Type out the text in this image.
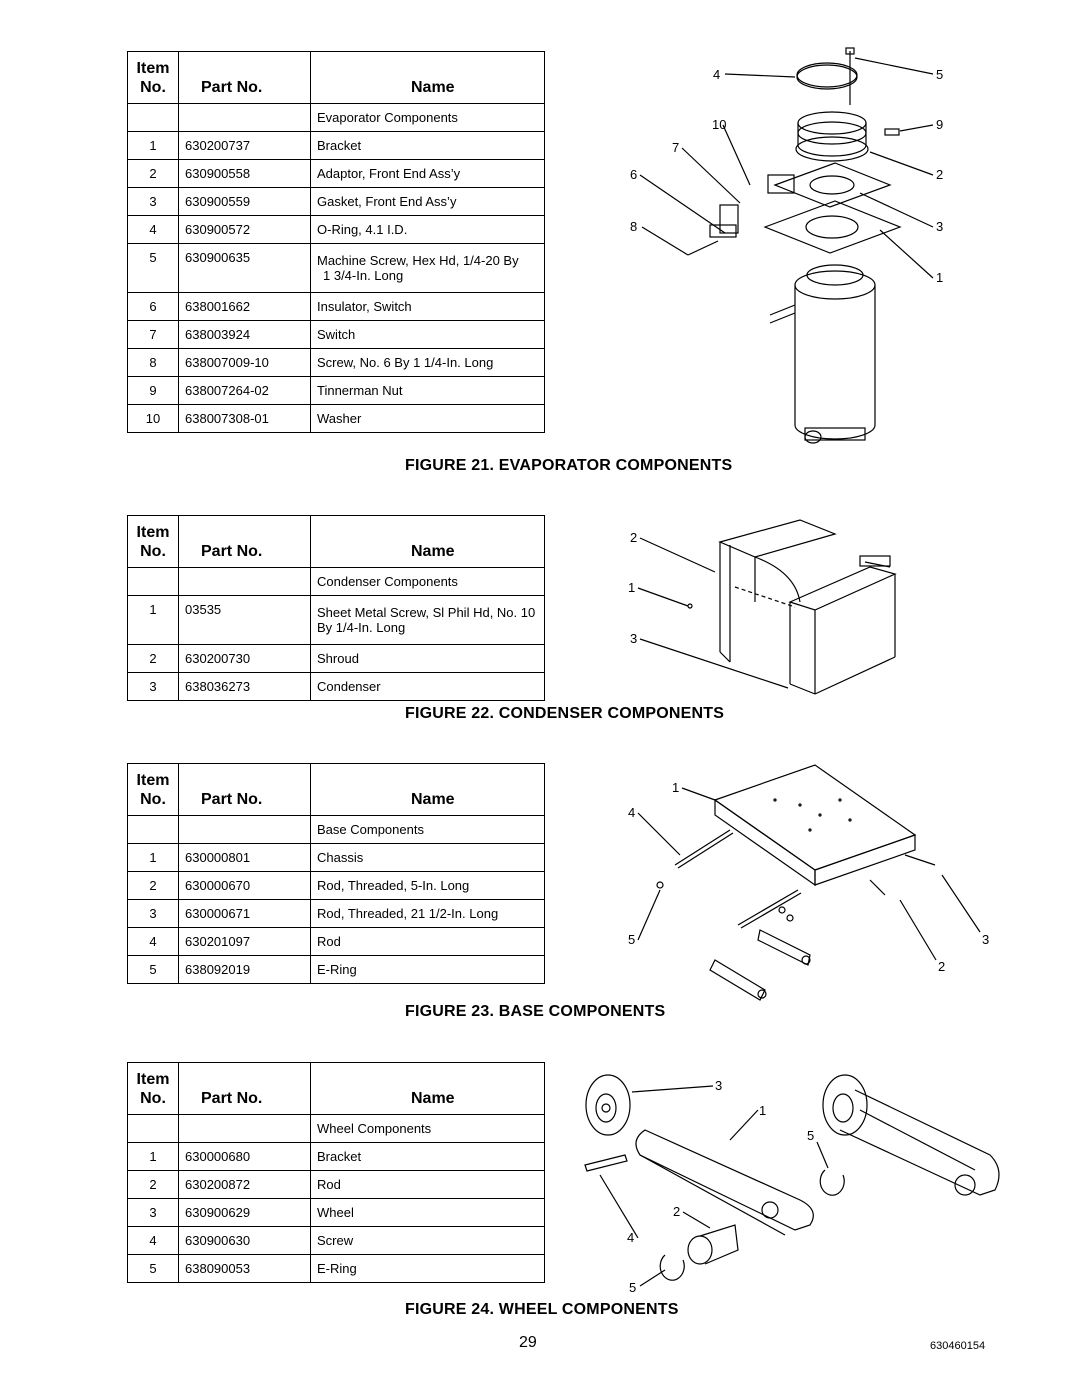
Item
No.	Part No.	Name
		Evaporator Components
1	630200737	Bracket
2	630900558	Adaptor, Front End Ass’y
3	630900559	Gasket, Front End Ass’y
4	630900572	O-Ring, 4.1 I.D.
5	630900635	Machine Screw, Hex Hd, 1/4-20 By
1 3/4-In. Long
6	638001662	Insulator, Switch
7	638003924	Switch
8	638007009-10	Screw, No. 6 By 1 1/4-In. Long
9	638007264-02	Tinnerman Nut
10	638007308-01	Washer
4	5
10	9
7
6	2
8	3
1
FIGURE 21. EVAPORATOR COMPONENTS
Item
No.	Part No.	Name
		Condenser Components
1	03535	Sheet Metal Screw, Sl Phil Hd, No. 10
By 1/4-In. Long
2	630200730	Shroud
3	638036273	Condenser
2
1
3
FIGURE 22. CONDENSER COMPONENTS
Item
No.	Part No.	Name
		Base Components
1	630000801	Chassis
2	630000670	Rod, Threaded, 5-In. Long
3	630000671	Rod, Threaded, 21 1/2-In. Long
4	630201097	Rod
5	638092019	E-Ring
1
4
5	3
2
FIGURE 23. BASE COMPONENTS
Item
No.	Part No.	Name
		Wheel Components
1	630000680	Bracket
2	630200872	Rod
3	630900629	Wheel
4	630900630	Screw
5	638090053	E-Ring
3
1
5
2
4
5
FIGURE 24. WHEEL COMPONENTS
29	630460154
